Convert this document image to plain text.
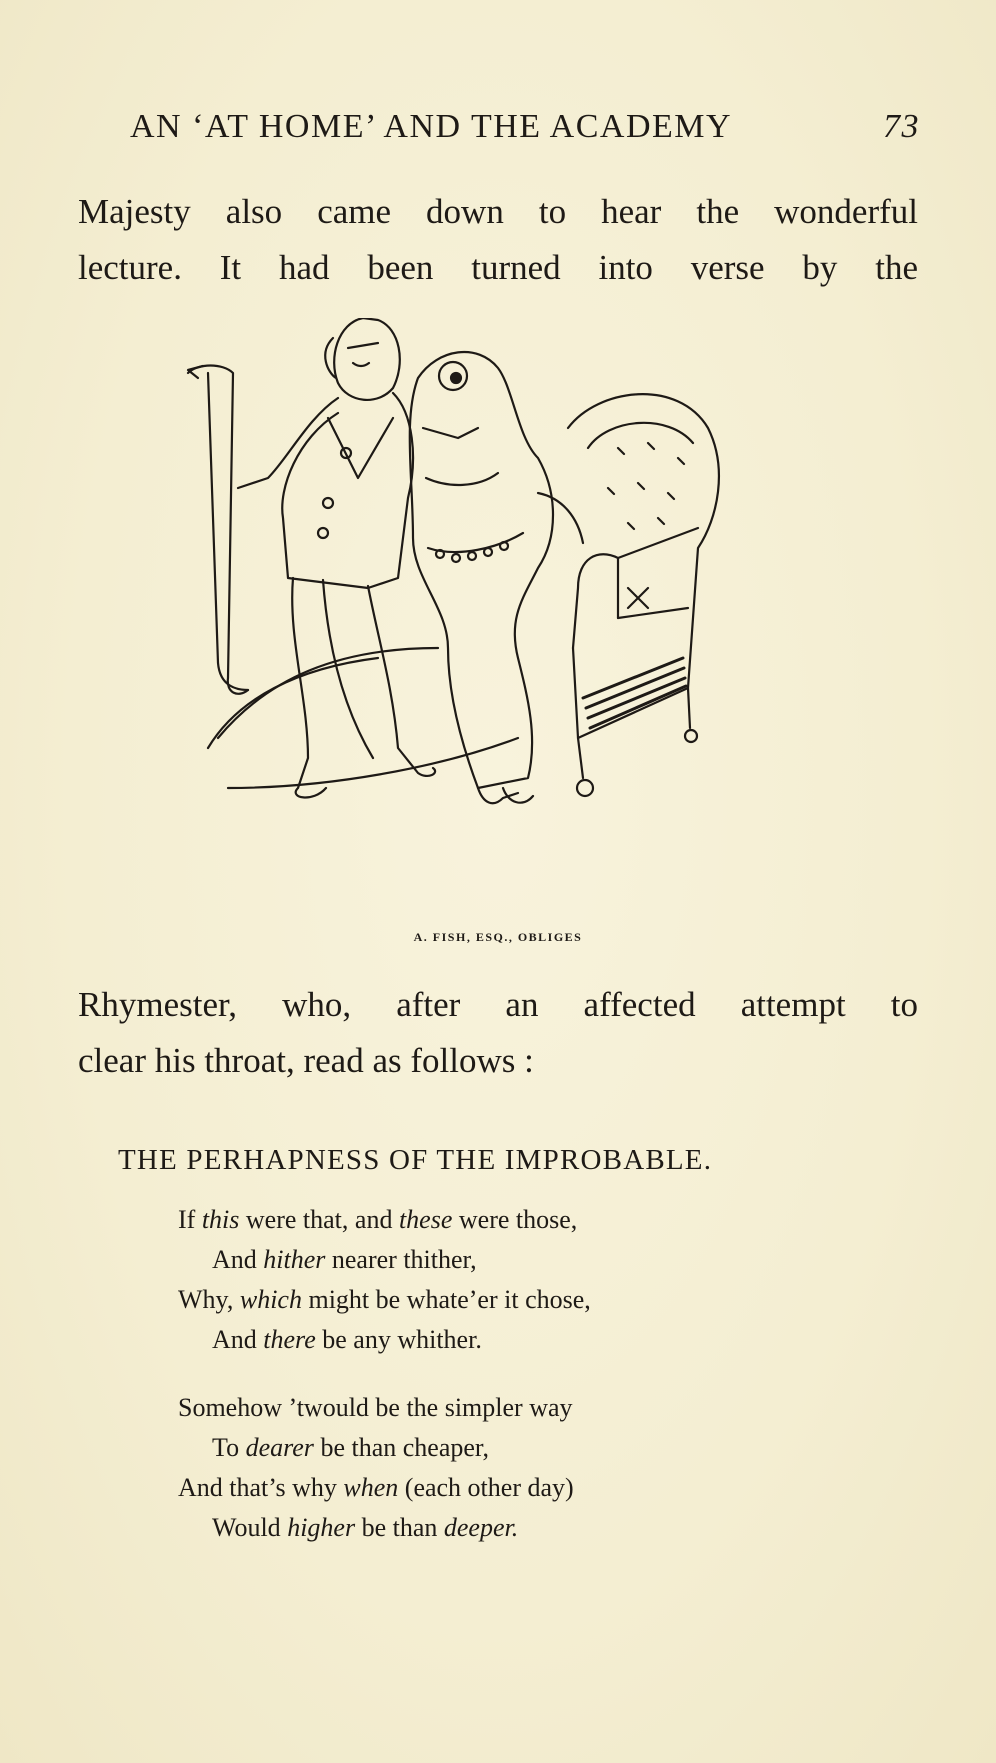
AN ‘AT HOME’ AND THE ACADEMY	73
Majesty also came down to hear the wonderful
lecture. It had been turned into verse by the
A. FISH, ESQ., OBLIGES
Rhymester, who, after an affected attempt to
clear his throat, read as follows :
THE PERHAPNESS OF THE IMPROBABLE.
If this were that, and these were those,
And hither nearer thither,
Why, which might be whate’er it chose,
And there be any whither.
Somehow ’twould be the simpler way
To dearer be than cheaper,
And that’s why when (each other day)
Would higher be than deeper.
